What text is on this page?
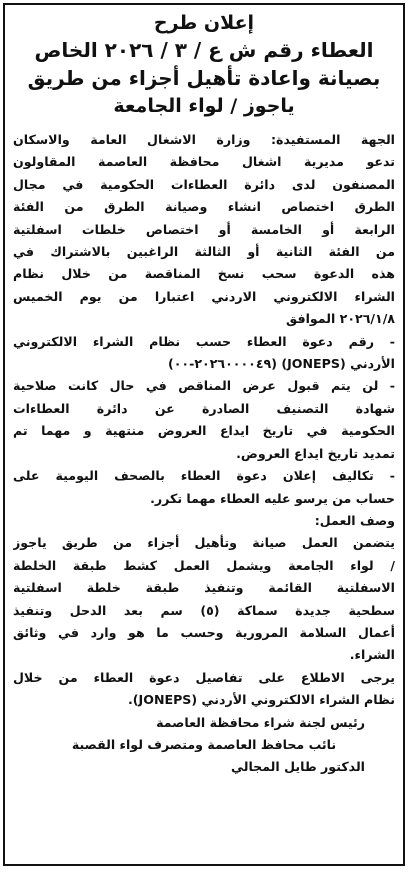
إعلان طرح
العطاء رقم ش ع / ٣ / ٢٠٢٦ الخاص
بصيانة واعادة تأهيل أجزاء من طريق
ياجوز / لواء الجامعة
الجهة المستفيدة: وزارة الاشغال العامة والاسكان
تدعو مديرية اشغال محافظة العاصمة المقاولون
المصنفون لدى دائرة العطاءات الحكومية في مجال
الطرق اختصاص انشاء وصيانة الطرق من الفئة
الرابعة أو الخامسة أو اختصاص خلطات اسفلتية
من الفئة الثانية أو الثالثة الراغبين بالاشتراك في
هذه الدعوة سحب نسخ المناقصة من خلال نظام
الشراء الالكتروني الاردني اعتبارا من يوم الخميس
٢٠٢٦/١/٨ الموافق
- رقم دعوة العطاء حسب نظام الشراء الالكتروني
الأردني (JONEPS) (٢٠٢٦٠٠٠٠٤٩-٠٠)
- لن يتم قبول عرض المناقص في حال كانت صلاحية
شهادة التصنيف الصادرة عن دائرة العطاءات
الحكومية في تاريخ ايداع العروض منتهية و مهما تم
تمديد تاريخ ايداع العروض.
- تكاليف إعلان دعوة العطاء بالصحف اليومية على
حساب من يرسو عليه العطاء مهما تكرر.
وصف العمل:
يتضمن العمل صيانة وتأهيل أجزاء من طريق ياجوز
/ لواء الجامعة ويشمل العمل كشط طبقة الخلطة
الاسفلتية القائمة وتنفيذ طبقة خلطة اسفلتية
سطحية جديدة سماكة (٥) سم بعد الدحل وتنفيذ
أعمال السلامة المرورية وحسب ما هو وارد في وثائق
الشراء.
يرجى الاطلاع على تفاصيل دعوة العطاء من خلال
نظام الشراء الالكتروني الأردني (JONEPS).
رئيس لجنة شراء محافظة العاصمة
نائب محافظ العاصمة ومتصرف لواء القصبة
الدكتور طايل المجالي
